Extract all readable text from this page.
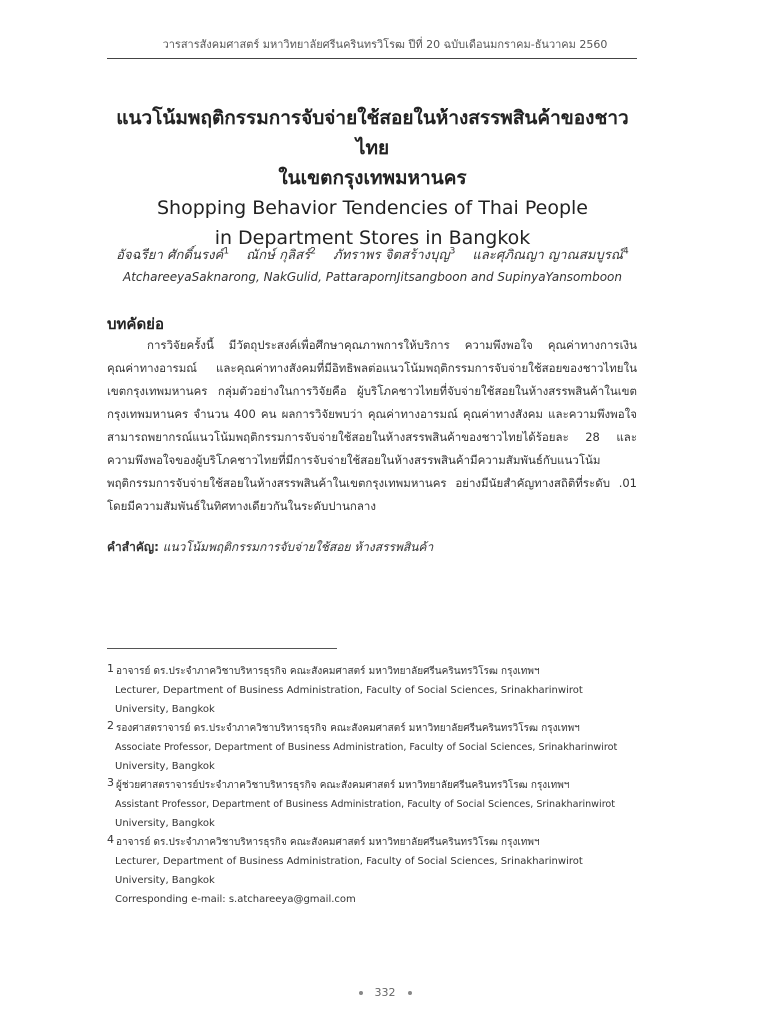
วารสารสังคมศาสตร์ มหาวิทยาลัยศรีนครินทรวิโรฒ ปีที่ 20 ฉบับเดือนมกราคม-ธันวาคม 2560
แนวโน้มพฤติกรรมการจับจ่ายใช้สอยในห้างสรรพสินค้าของชาวไทย
ในเขตกรุงเทพมหานคร
Shopping Behavior Tendencies of Thai People
in Department Stores in Bangkok
อัจฉรียา ศักดิ์นรงค์$^1$ ณักษ์ กุลิสร์$^2$ ภัทราพร จิตสร้างบุญ$^3$ และศุภิณญา ญาณสมบูรณ์$^4$
AtchareeyaSaknarong, NakGulid, PattarapornJitsangboon and SupinyaYansomboon
บทคัดย่อ

การวิจัยครั้งนี้ มีวัตถุประสงค์เพื่อศึกษาคุณภาพการให้บริการ ความพึงพอใจ คุณค่าทางการเงิน คุณค่าทางอารมณ์ และคุณค่าทางสังคมที่มีอิทธิพลต่อแนวโน้มพฤติกรรมการจับจ่ายใช้สอยของชาวไทยในเขตกรุงเทพมหานคร กลุ่มตัวอย่างในการวิจัยคือ ผู้บริโภคชาวไทยที่จับจ่ายใช้สอยในห้างสรรพสินค้าในเขตกรุงเทพมหานคร จำนวน 400 คน ผลการวิจัยพบว่า คุณค่าทางอารมณ์ คุณค่าทางสังคม และความพึงพอใจสามารถพยากรณ์แนวโน้มพฤติกรรมการจับจ่ายใช้สอยในห้างสรรพสินค้าของชาวไทยได้ร้อยละ 28 และความพึงพอใจของผู้บริโภคชาวไทยที่มีการจับจ่ายใช้สอยในห้างสรรพสินค้ามีความสัมพันธ์กับแนวโน้มพฤติกรรมการจับจ่ายใช้สอยในห้างสรรพสินค้าในเขตกรุงเทพมหานคร อย่างมีนัยสำคัญทางสถิติที่ระดับ .01 โดยมีความสัมพันธ์ในทิศทางเดียวกันในระดับปานกลาง

คำสำคัญ: แนวโน้มพฤติกรรมการจับจ่ายใช้สอย ห้างสรรพสินค้า
1 อาจารย์ ดร.ประจำภาควิชาบริหารธุรกิจ คณะสังคมศาสตร์ มหาวิทยาลัยศรีนครินทรวิโรฒ กรุงเทพฯ
Lecturer, Department of Business Administration, Faculty of Social Sciences, Srinakharinwirot
University, Bangkok
2 รองศาสตราจารย์ ดร.ประจำภาควิชาบริหารธุรกิจ คณะสังคมศาสตร์ มหาวิทยาลัยศรีนครินทรวิโรฒ กรุงเทพฯ
Associate Professor, Department of Business Administration, Faculty of Social Sciences, Srinakharinwirot
University, Bangkok
3 ผู้ช่วยศาสตราจารย์ประจำภาควิชาบริหารธุรกิจ คณะสังคมศาสตร์ มหาวิทยาลัยศรีนครินทรวิโรฒ กรุงเทพฯ
Assistant Professor, Department of Business Administration, Faculty of Social Sciences, Srinakharinwirot
University, Bangkok
4 อาจารย์ ดร.ประจำภาควิชาบริหารธุรกิจ คณะสังคมศาสตร์ มหาวิทยาลัยศรีนครินทรวิโรฒ กรุงเทพฯ
Lecturer, Department of Business Administration, Faculty of Social Sciences, Srinakharinwirot
University, Bangkok
Corresponding e-mail: s.atchareeya@gmail.com
332
